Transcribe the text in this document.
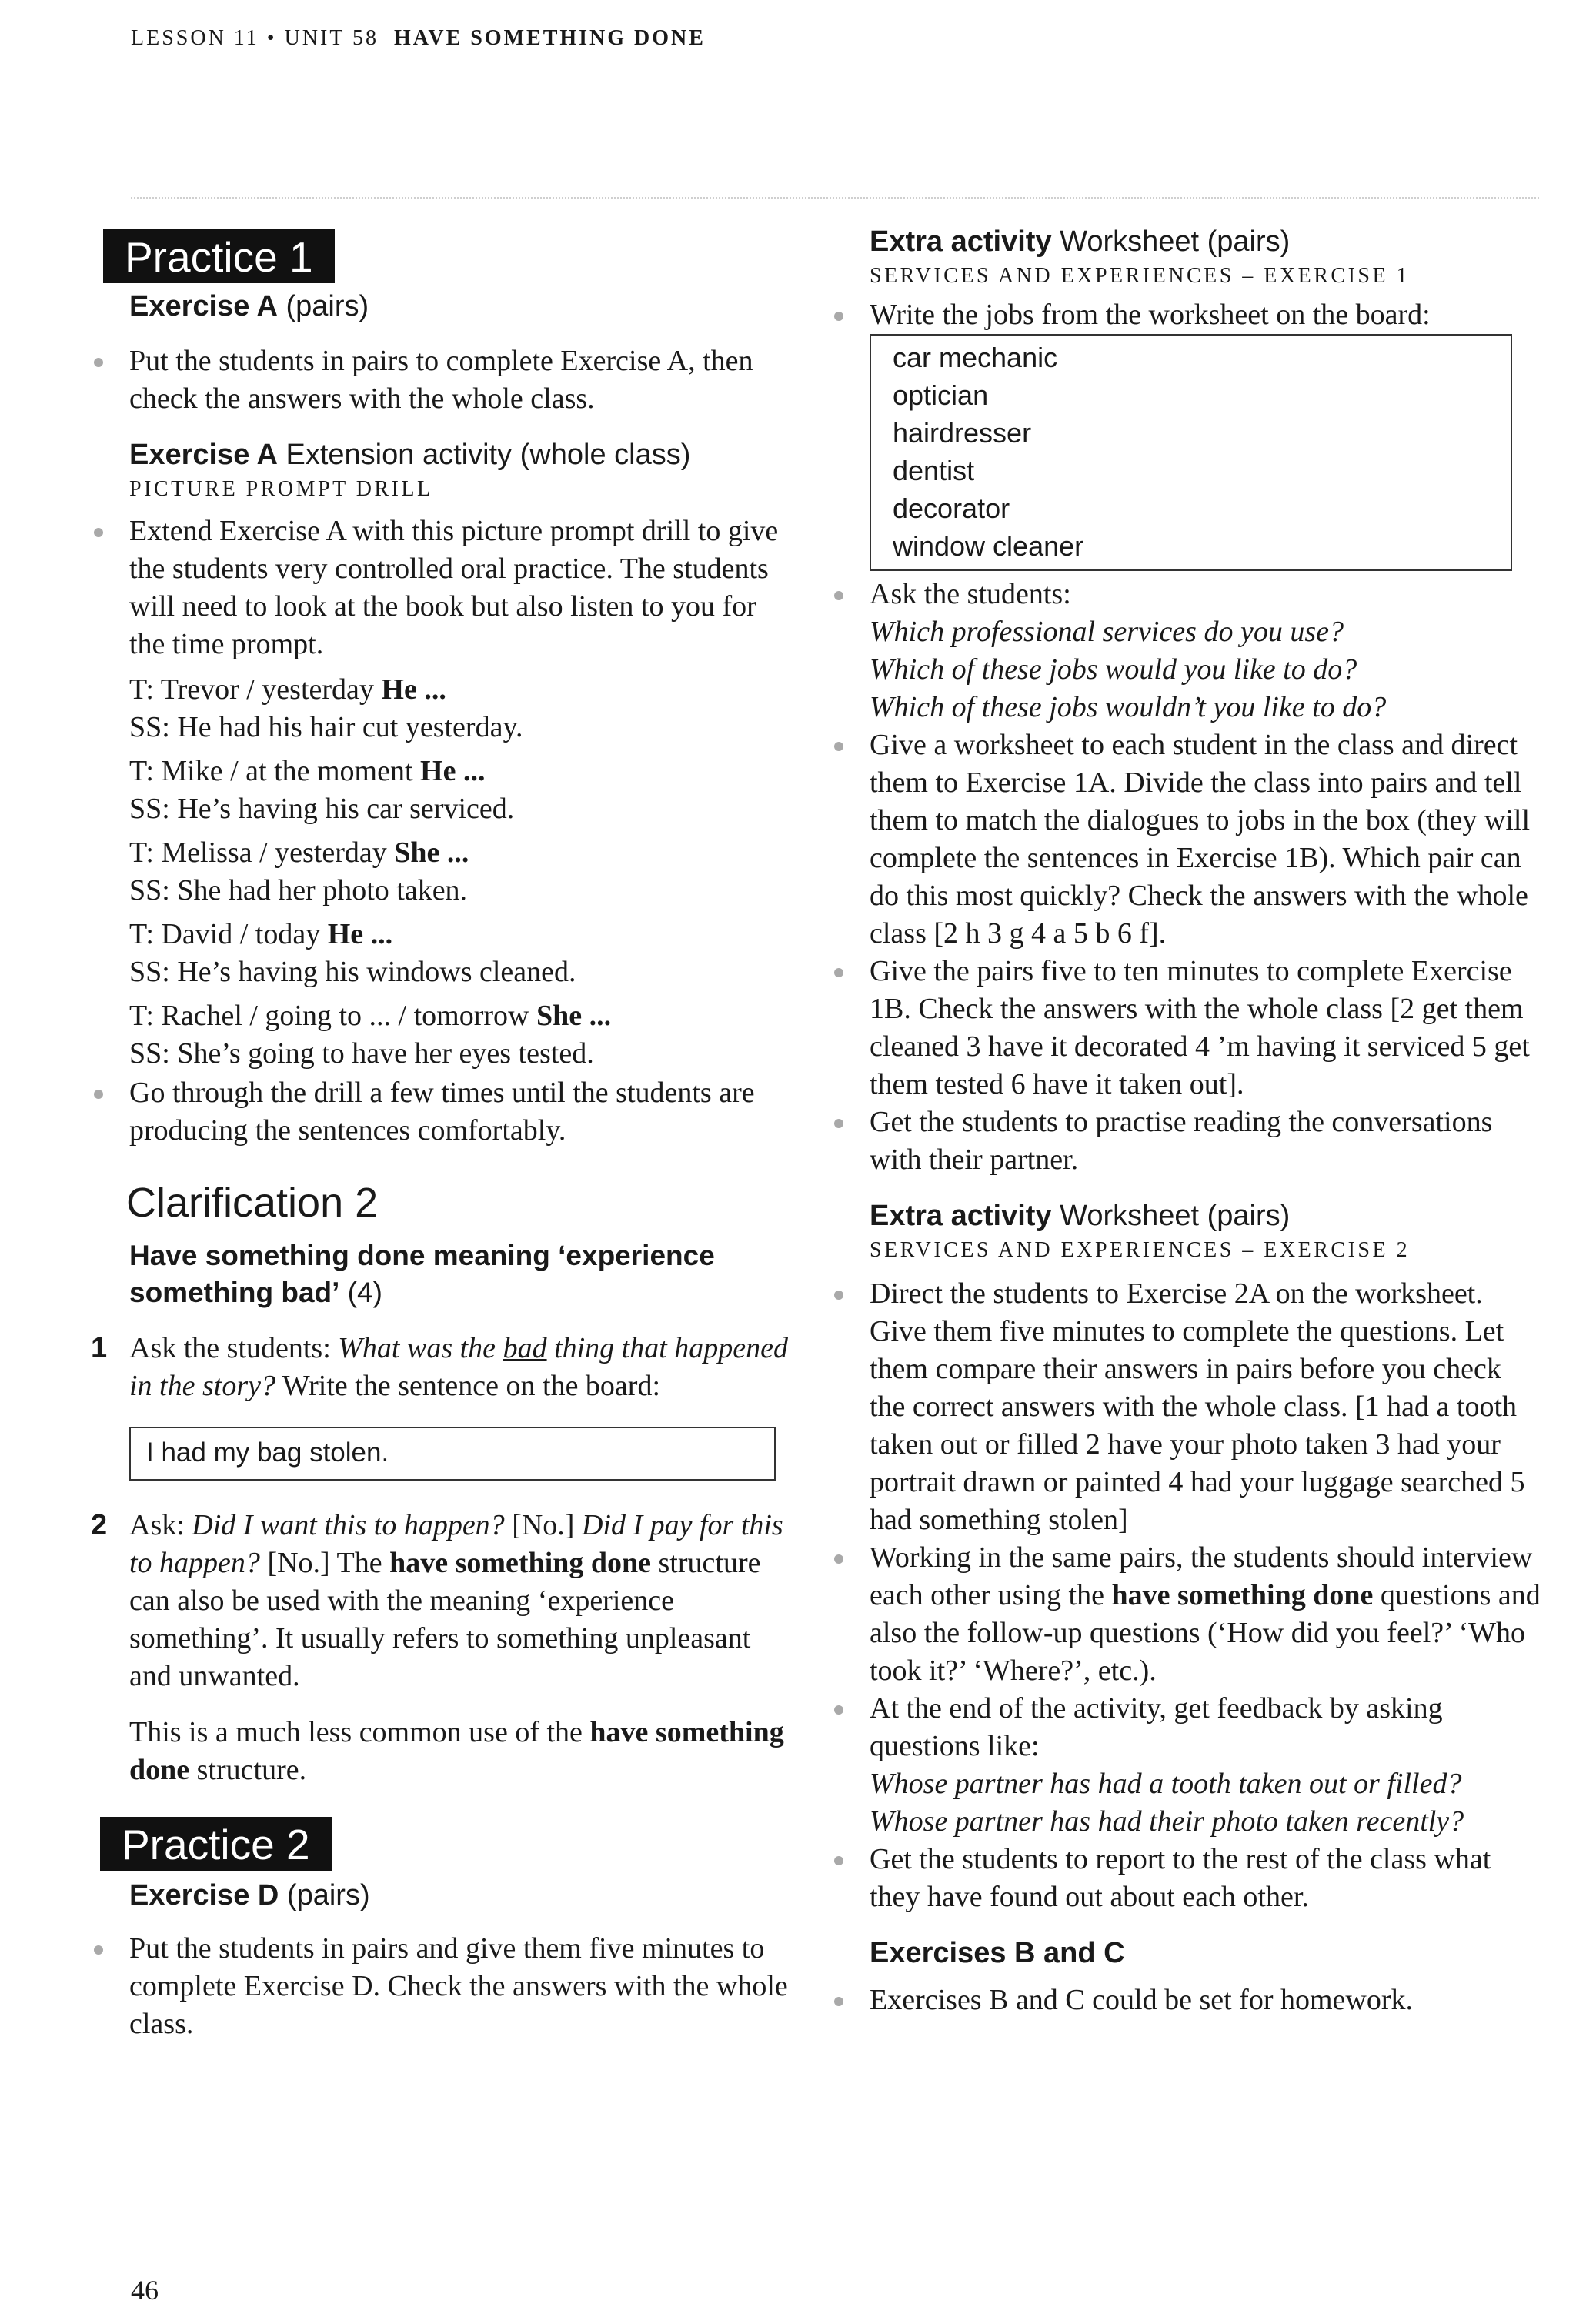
LESSON 11 • UNIT 58 HAVE SOMETHING DONE
Practice 1
Exercise A (pairs)
Put the students in pairs to complete Exercise A, then check the answers with the whole class.
Exercise A Extension activity (whole class)
PICTURE PROMPT DRILL
Extend Exercise A with this picture prompt drill to give the students very controlled oral practice. The students will need to look at the book but also listen to you for the time prompt.

T: Trevor / yesterday He ...

SS: He had his hair cut yesterday.

T: Mike / at the moment He ...

SS: He’s having his car serviced.

T: Melissa / yesterday She ...

SS: She had her photo taken.

T: David / today He ...

SS: He’s having his windows cleaned.

T: Rachel / going to ... / tomorrow She ...

SS: She’s going to have her eyes tested.

Go through the drill a few times until the students are producing the sentences comfortably.
Clarification 2
Have something done meaning ‘experience something bad’ (4)
1 Ask the students: What was the bad thing that happened in the story? Write the sentence on the board:
I had my bag stolen.
2 Ask: Did I want this to happen? [No.] Did I pay for this to happen? [No.] The have something done structure can also be used with the meaning ‘experience something’. It usually refers to something unpleasant and unwanted.
This is a much less common use of the have something done structure.
Practice 2
Exercise D (pairs)
Put the students in pairs and give them five minutes to complete Exercise D. Check the answers with the whole class.
Extra activity Worksheet (pairs)
SERVICES AND EXPERIENCES – EXERCISE 1
Write the jobs from the worksheet on the board:
car mechanic
optician
hairdresser
dentist
decorator
window cleaner
Ask the students:
Which professional services do you use?
Which of these jobs would you like to do?
Which of these jobs wouldn’t you like to do?
Give a worksheet to each student in the class and direct them to Exercise 1A. Divide the class into pairs and tell them to match the dialogues to jobs in the box (they will complete the sentences in Exercise 1B). Which pair can do this most quickly? Check the answers with the whole class [2 h 3 g 4 a 5 b 6 f].
Give the pairs five to ten minutes to complete Exercise 1B. Check the answers with the whole class [2 get them cleaned 3 have it decorated 4 ’m having it serviced 5 get them tested 6 have it taken out].
Get the students to practise reading the conversations with their partner.
Extra activity Worksheet (pairs)
SERVICES AND EXPERIENCES – EXERCISE 2
Direct the students to Exercise 2A on the worksheet. Give them five minutes to complete the questions. Let them compare their answers in pairs before you check the correct answers with the whole class. [1 had a tooth taken out or filled 2 have your photo taken 3 had your portrait drawn or painted 4 had your luggage searched 5 had something stolen]
Working in the same pairs, the students should interview each other using the have something done questions and also the follow-up questions (‘How did you feel?’ ‘Who took it?’ ‘Where?’, etc.).
At the end of the activity, get feedback by asking questions like:
Whose partner has had a tooth taken out or filled?
Whose partner has had their photo taken recently?
Get the students to report to the rest of the class what they have found out about each other.
Exercises B and C
Exercises B and C could be set for homework.
46
